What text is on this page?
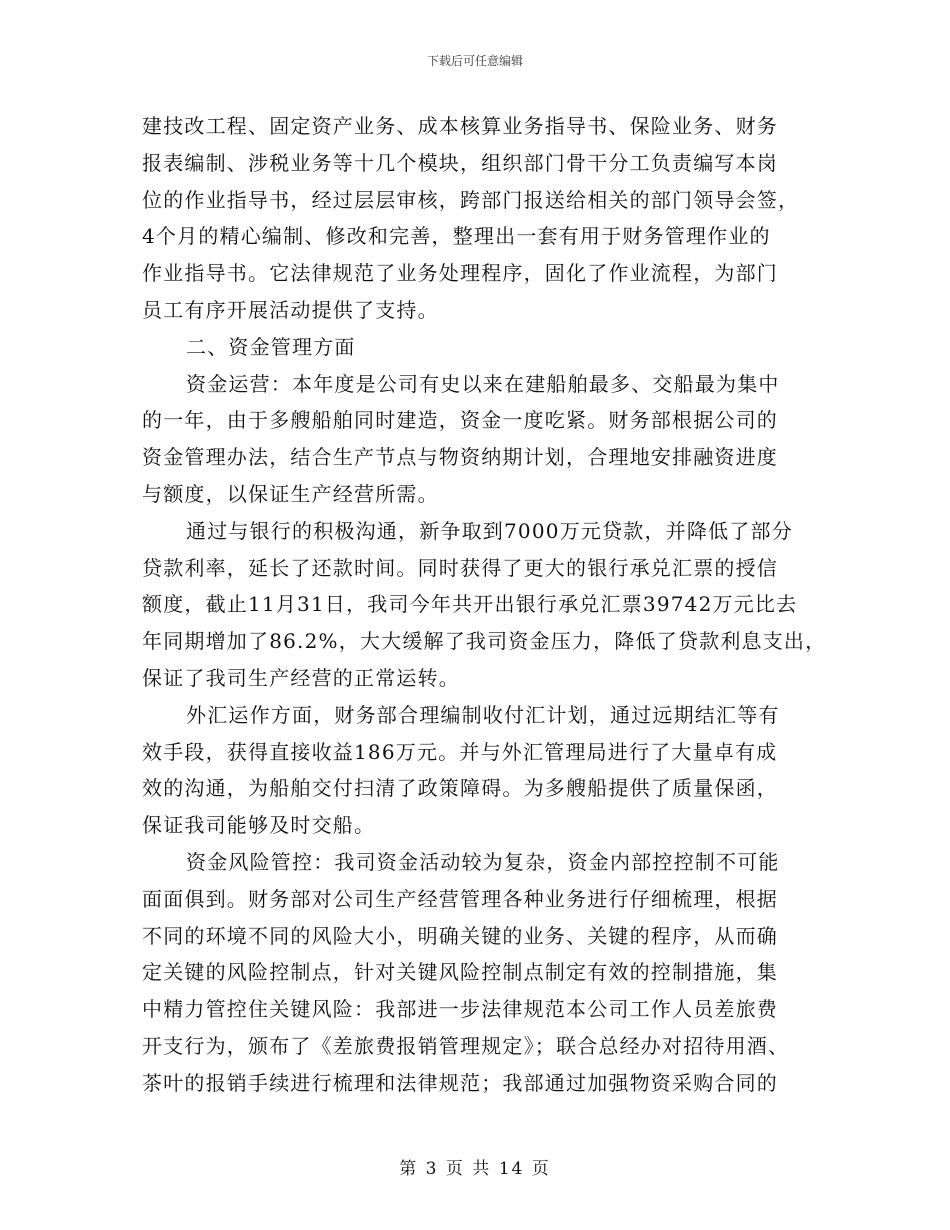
下载后可任意编辑
建技改工程、固定资产业务、成本核算业务指导书、保险业务、财务
报表编制、涉税业务等十几个模块，组织部门骨干分工负责编写本岗
位的作业指导书，经过层层审核，跨部门报送给相关的部门领导会签，
4个月的精心编制、修改和完善，整理出一套有用于财务管理作业的
作业指导书。它法律规范了业务处理程序，固化了作业流程，为部门
员工有序开展活动提供了支持。
二、资金管理方面
资金运营：本年度是公司有史以来在建船舶最多、交船最为集中
的一年，由于多艘船舶同时建造，资金一度吃紧。财务部根据公司的
资金管理办法，结合生产节点与物资纳期计划，合理地安排融资进度
与额度，以保证生产经营所需。
通过与银行的积极沟通，新争取到7000万元贷款，并降低了部分
贷款利率，延长了还款时间。同时获得了更大的银行承兑汇票的授信
额度，截止11月31日，我司今年共开出银行承兑汇票39742万元比去
年同期增加了86.2%，大大缓解了我司资金压力，降低了贷款利息支出，
保证了我司生产经营的正常运转。
外汇运作方面，财务部合理编制收付汇计划，通过远期结汇等有
效手段，获得直接收益186万元。并与外汇管理局进行了大量卓有成
效的沟通，为船舶交付扫清了政策障碍。为多艘船提供了质量保函，
保证我司能够及时交船。
资金风险管控：我司资金活动较为复杂，资金内部控控制不可能
面面俱到。财务部对公司生产经营管理各种业务进行仔细梳理，根据
不同的环境不同的风险大小，明确关键的业务、关键的程序，从而确
定关键的风险控制点，针对关键风险控制点制定有效的控制措施，集
中精力管控住关键风险：我部进一步法律规范本公司工作人员差旅费
开支行为，颁布了《差旅费报销管理规定》；联合总经办对招待用酒、
茶叶的报销手续进行梳理和法律规范；我部通过加强物资采购合同的
第 3 页 共 14 页
